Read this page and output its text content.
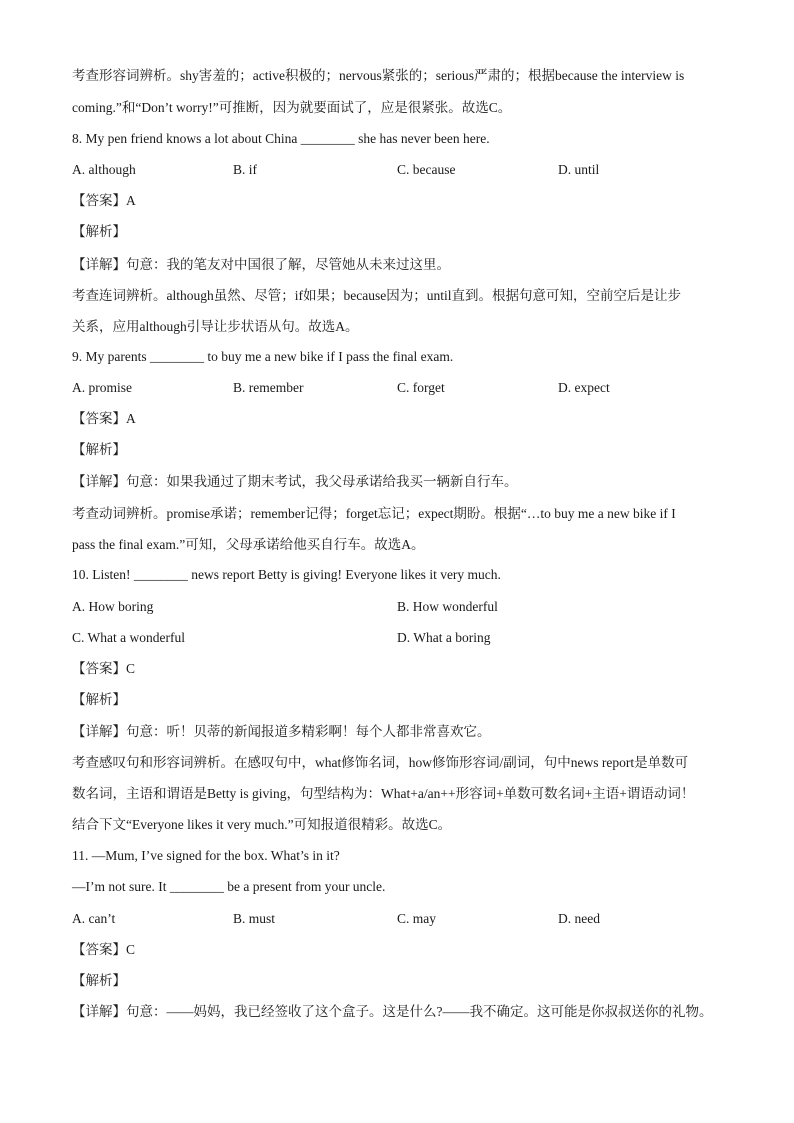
考查形容词辨析。shy害羞的；active积极的；nervous紧张的；serious严肃的；根据because the interview is
coming.”和“Don’t worry!”可推断，因为就要面试了，应是很紧张。故选C。
8. My pen friend knows a lot about China ________ she has never been here.
A. although	B. if	C. because	D. until
【答案】A
【解析】
【详解】句意：我的笔友对中国很了解，尽管她从未来过这里。
考查连词辨析。although虽然、尽管；if如果；because因为；until直到。根据句意可知，空前空后是让步
关系，应用although引导让步状语从句。故选A。
9. My parents ________ to buy me a new bike if I pass the final exam.
A. promise	B. remember	C. forget	D. expect
【答案】A
【解析】
【详解】句意：如果我通过了期末考试，我父母承诺给我买一辆新自行车。
考查动词辨析。promise承诺；remember记得；forget忘记；expect期盼。根据“…to buy me a new bike if I
pass the final exam.”可知，父母承诺给他买自行车。故选A。
10. Listen! ________ news report Betty is giving! Everyone likes it very much.
A. How boring	B. How wonderful
C. What a wonderful	D. What a boring
【答案】C
【解析】
【详解】句意：听！贝蒂的新闻报道多精彩啊！每个人都非常喜欢它。
考查感叹句和形容词辨析。在感叹句中，what修饰名词，how修饰形容词/副词，句中news report是单数可
数名词，主语和谓语是Betty is giving，句型结构为：What+a/an++形容词+单数可数名词+主语+谓语动词！
结合下文“Everyone likes it very much.”可知报道很精彩。故选C。
11. —Mum, I’ve signed for the box. What’s in it?
—I’m not sure. It ________ be a present from your uncle.
A. can’t	B. must	C. may	D. need
【答案】C
【解析】
【详解】句意：——妈妈，我已经签收了这个盒子。这是什么?——我不确定。这可能是你叔叔送你的礼物。
